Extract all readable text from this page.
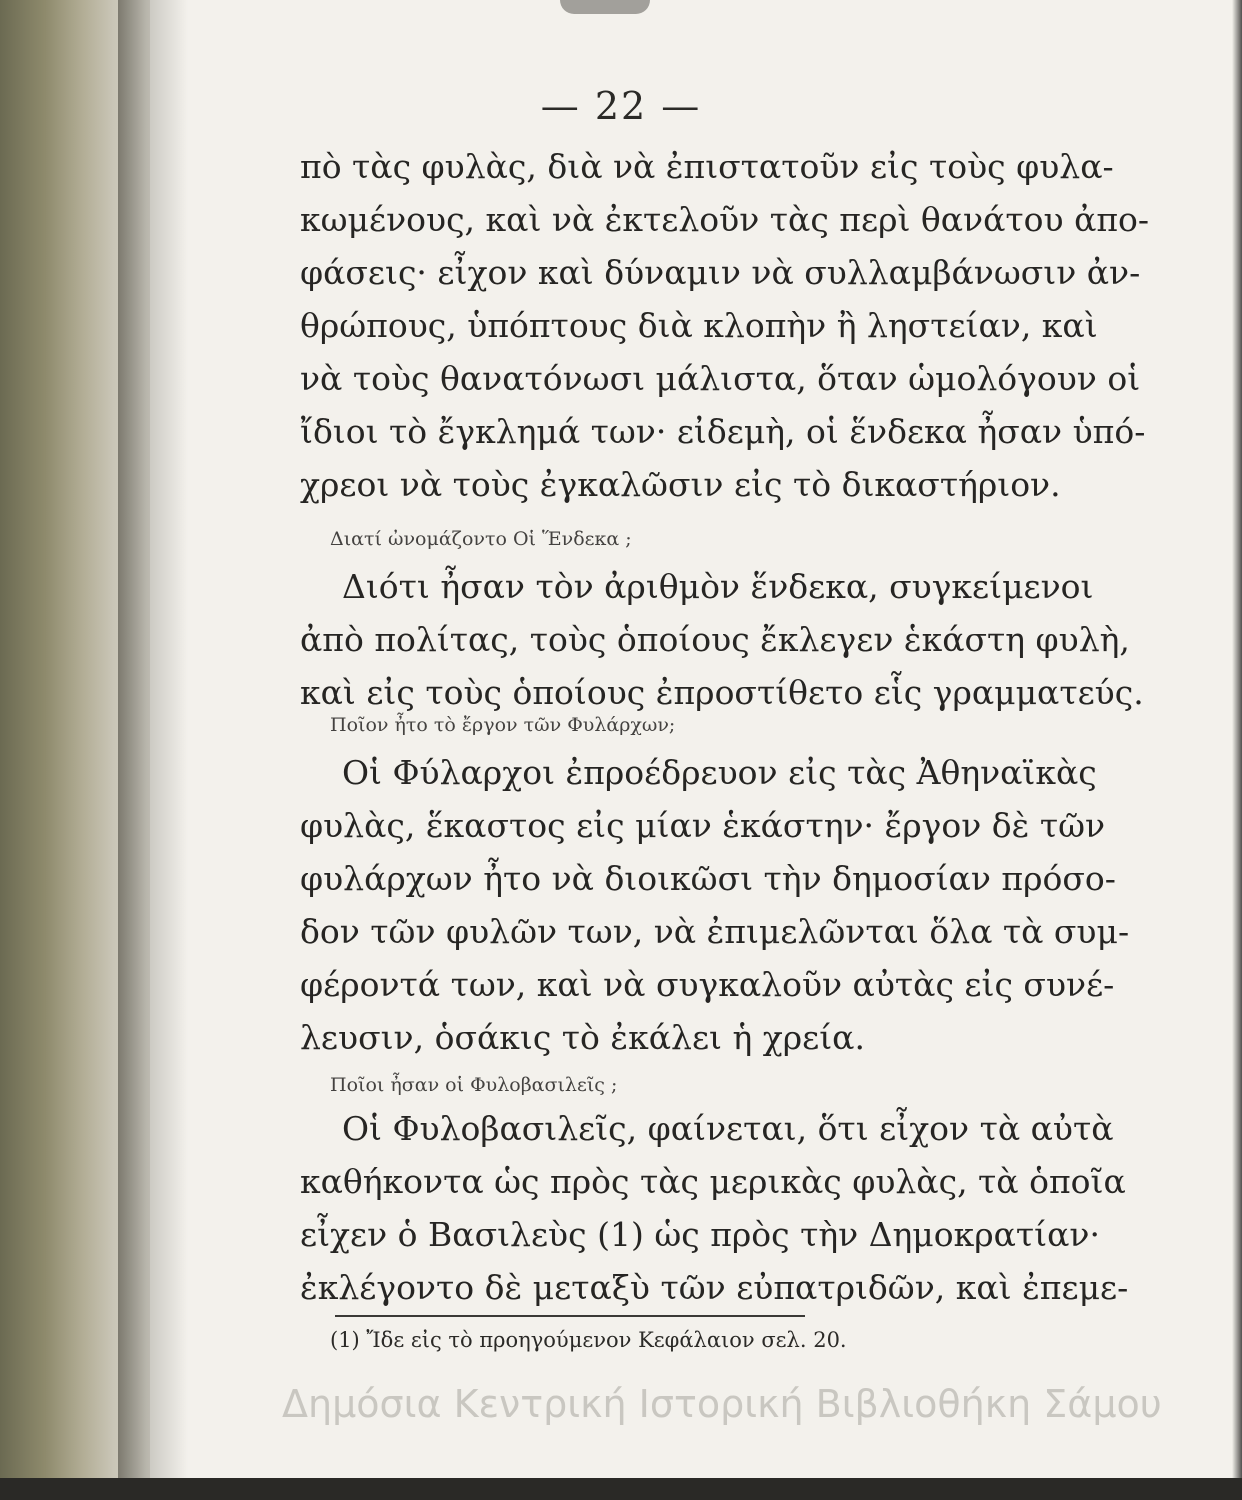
— 22 —

πὸ τὰς φυλὰς, διὰ νὰ ἐπιστατοῦν εἰς τοὺς φυλα-

κωμένους, καὶ νὰ ἐκτελοῦν τὰς περὶ θανάτου ἀπο-

φάσεις· εἶχον καὶ δύναμιν νὰ συλλαμβάνωσιν ἀν-

θρώπους, ὑπόπτους διὰ κλοπὴν ἢ ληστείαν, καὶ

νὰ τοὺς θανατόνωσι μάλιστα, ὅταν ὡμολόγουν οἱ

ἴδιοι τὸ ἔγκλημά των· εἰδεμὴ, οἱ ἕνδεκα ἦσαν ὑπό-

χρεοι νὰ τοὺς ἐγκαλῶσιν εἰς τὸ δικαστήριον.

Διατί ὠνομάζοντο Οἱ Ἕνδεκα ;

Διότι ἦσαν τὸν ἀριθμὸν ἕνδεκα, συγκείμενοι

ἀπὸ πολίτας, τοὺς ὁποίους ἔκλεγεν ἑκάστη φυλὴ,

καὶ εἰς τοὺς ὁποίους ἐπροστίθετο εἷς γραμματεύς.

Ποῖον ἦτο τὸ ἔργον τῶν Φυλάρχων;

Οἱ Φύλαρχοι ἐπροέδρευον εἰς τὰς Ἀθηναϊκὰς

φυλὰς, ἕκαστος εἰς μίαν ἑκάστην· ἔργον δὲ τῶν

φυλάρχων ἦτο νὰ διοικῶσι τὴν δημοσίαν πρόσο-

δον τῶν φυλῶν των, νὰ ἐπιμελῶνται ὅλα τὰ συμ-

φέροντά των, καὶ νὰ συγκαλοῦν αὐτὰς εἰς συνέ-

λευσιν, ὁσάκις τὸ ἐκάλει ἡ χρεία.

Ποῖοι ἦσαν οἱ Φυλοβασιλεῖς ;

Οἱ Φυλοβασιλεῖς, φαίνεται, ὅτι εἶχον τὰ αὐτὰ

καθήκοντα ὡς πρὸς τὰς μερικὰς φυλὰς, τὰ ὁποῖα

εἶχεν ὁ Βασιλεὺς (1) ὡς πρὸς τὴν Δημοκρατίαν·

ἐκλέγοντο δὲ μεταξὺ τῶν εὐπατριδῶν, καὶ ἐπεμε-

(1) Ἴδε εἰς τὸ προηγούμενον Κεφάλαιον σελ. 20.
Δημόσια Κεντρική Ιστορική Βιβλιοθήκη Σάμου
